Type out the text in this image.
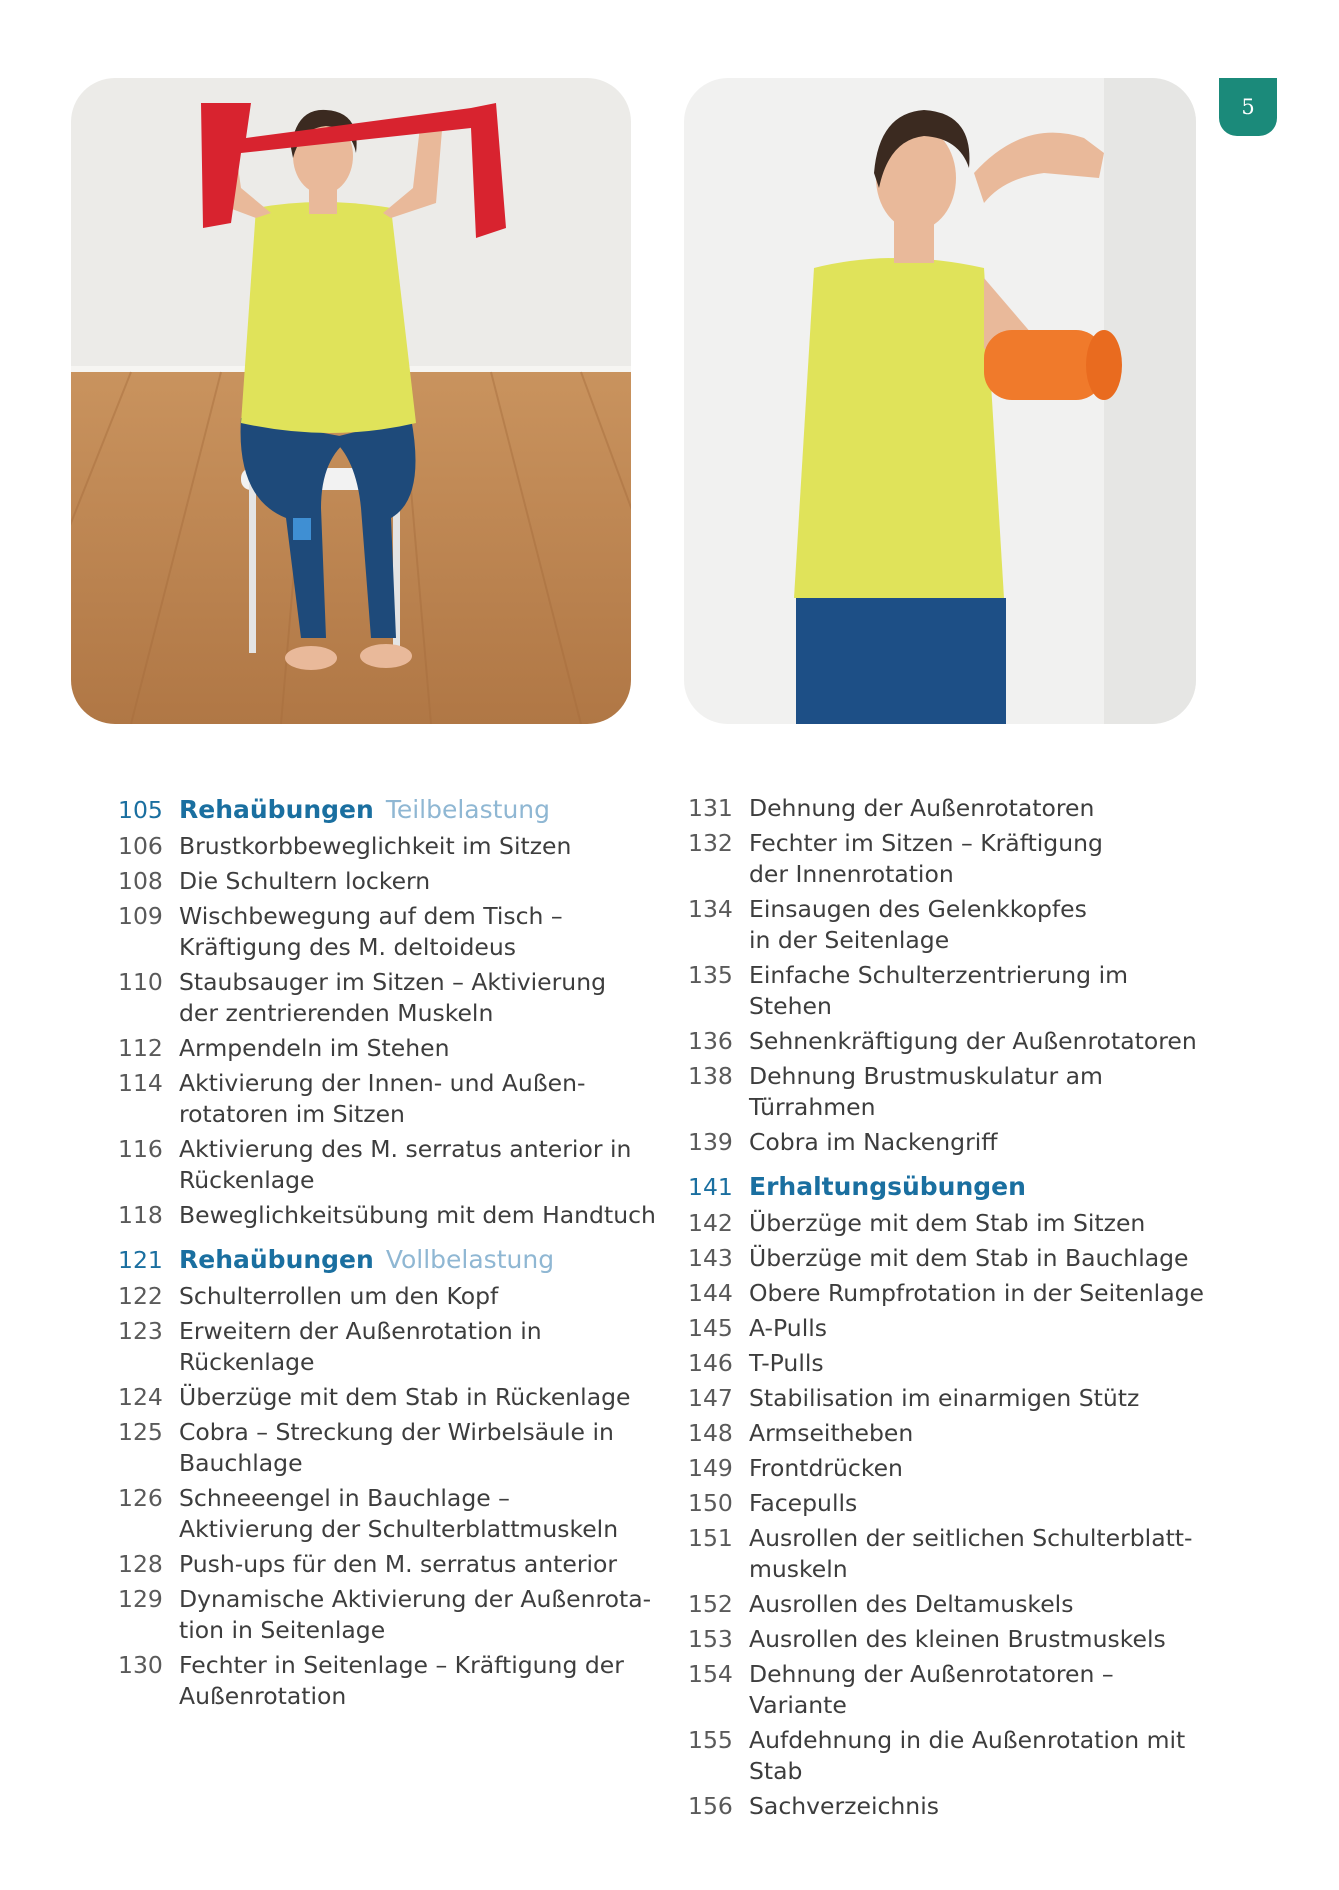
5
105 Rehaübungen Teilbelastung
106 Brustkorbbeweglichkeit im Sitzen
108 Die Schultern lockern
109 Wischbewegung auf dem Tisch –
Kräftigung des M. deltoideus
110 Staubsauger im Sitzen – Aktivierung
der zentrierenden Muskeln
112 Armpendeln im Stehen
114 Aktivierung der Innen- und Außen-
rotatoren im Sitzen
116 Aktivierung des M. serratus anterior in
Rückenlage
118 Beweglichkeitsübung mit dem Handtuch
121 Rehaübungen Vollbelastung
122 Schulterrollen um den Kopf
123 Erweitern der Außenrotation in
Rückenlage
124 Überzüge mit dem Stab in Rückenlage
125 Cobra – Streckung der Wirbelsäule in
Bauchlage
126 Schneeengel in Bauchlage –
Aktivierung der Schulterblattmuskeln
128 Push-ups für den M. serratus anterior
129 Dynamische Aktivierung der Außenrota-
tion in Seitenlage
130 Fechter in Seitenlage – Kräftigung der
Außenrotation
131 Dehnung der Außenrotatoren
132 Fechter im Sitzen – Kräftigung
der Innenrotation
134 Einsaugen des Gelenkkopfes
in der Seitenlage
135 Einfache Schulterzentrierung im Stehen
136 Sehnenkräftigung der Außenrotatoren
138 Dehnung Brustmuskulatur am
Türrahmen
139 Cobra im Nackengriff
141 Erhaltungsübungen
142 Überzüge mit dem Stab im Sitzen
143 Überzüge mit dem Stab in Bauchlage
144 Obere Rumpfrotation in der Seitenlage
145 A-Pulls
146 T-Pulls
147 Stabilisation im einarmigen Stütz
148 Armseitheben
149 Frontdrücken
150 Facepulls
151 Ausrollen der seitlichen Schulterblatt-
muskeln
152 Ausrollen des Deltamuskels
153 Ausrollen des kleinen Brustmuskels
154 Dehnung der Außenrotatoren – Variante
155 Aufdehnung in die Außenrotation mit
Stab
156 Sachverzeichnis
